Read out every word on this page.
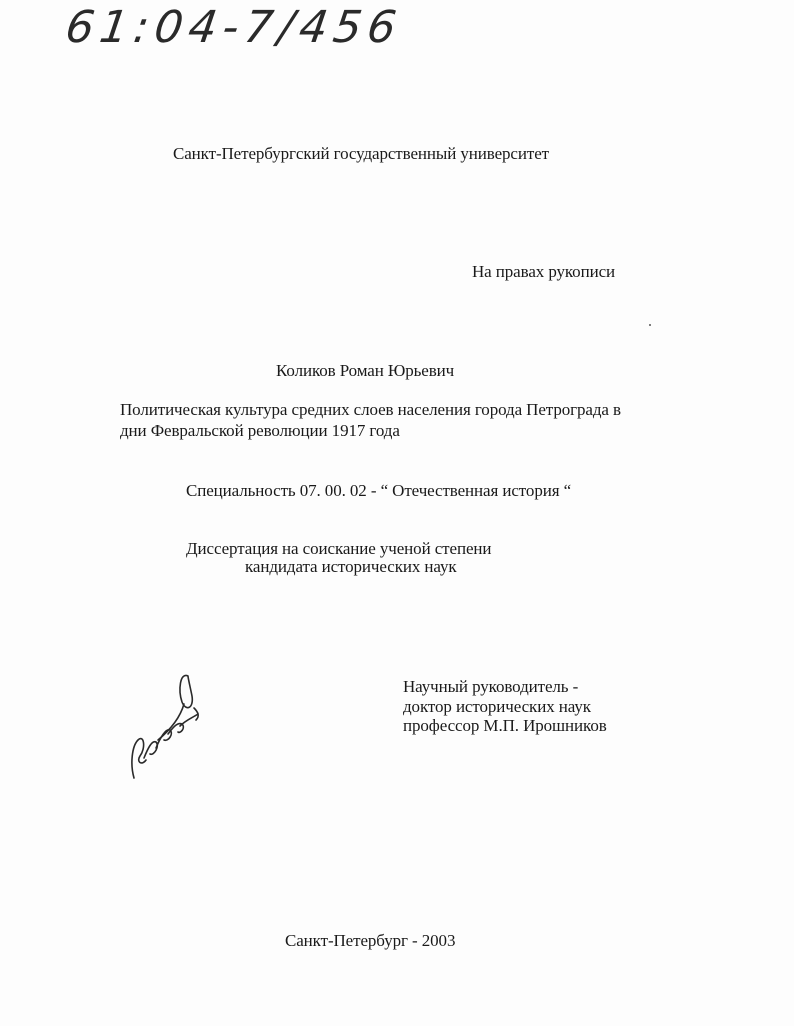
61:04-7/456
Санкт-Петербургский государственный университет
На правах рукописи
Коликов Роман Юрьевич
Политическая культура средних слоев населения города Петрограда в
дни Февральской революции 1917 года
Специальность 07. 00. 02 - “ Отечественная история “
Диссертация на соискание ученой степени
кандидата исторических наук
Научный руководитель -
доктор исторических наук
профессор М.П. Ирошников
Санкт-Петербург - 2003
